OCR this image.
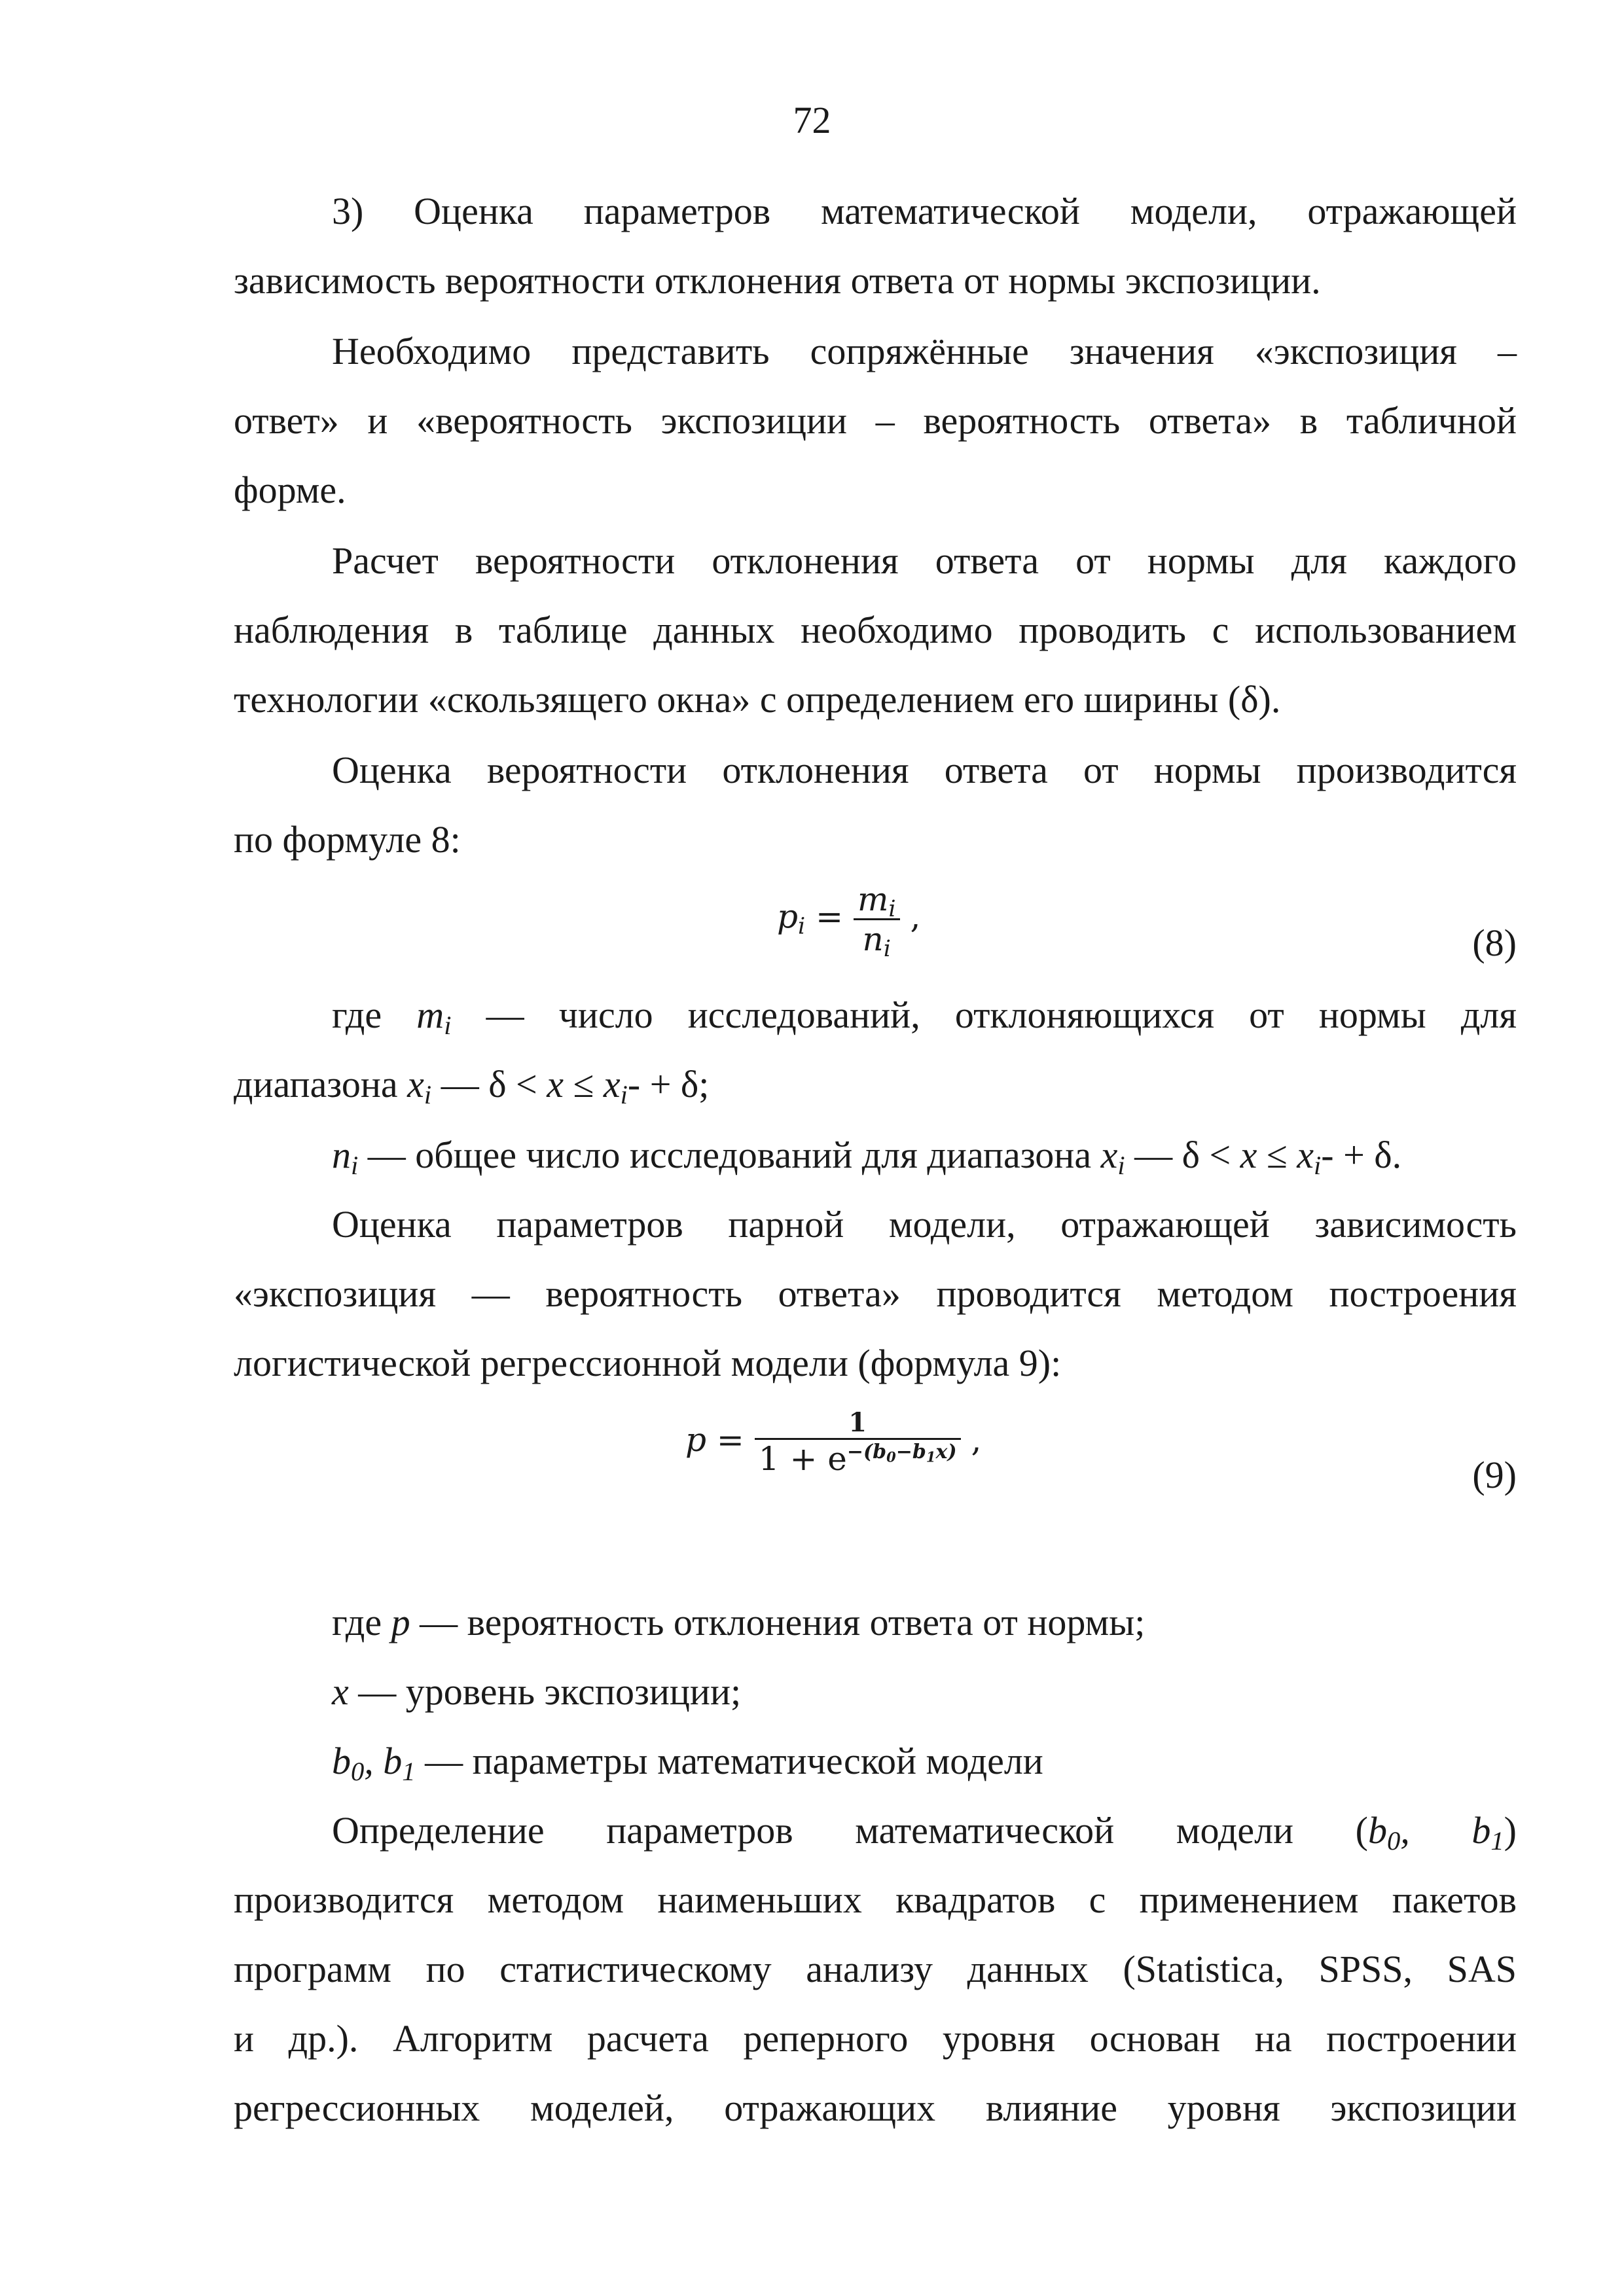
72
3) Оценка параметров математической модели, отражающей
зависимость вероятности отклонения ответа от нормы экспозиции.
Необходимо представить сопряжённые значения «экспозиция –
ответ» и «вероятность экспозиции – вероятность ответа» в табличной
форме.
Расчет вероятности отклонения ответа от нормы для каждого
наблюдения в таблице данных необходимо проводить с использованием
технологии «скользящего окна» с определением его ширины (δ).
Оценка вероятности отклонения ответа от нормы производится
по формуле 8:
$p_i = \frac{m_i}{n_i}$ ,
(8)
где $m_i$ — число исследований, отклоняющихся от нормы для
диапазона $x_i$ — $\delta < x \le x_i- + \delta$;
$n_i$ — общее число исследований для диапазона $x_i$ — $\delta < x \le x_i- + \delta$.
Оценка параметров парной модели, отражающей зависимость
«экспозиция — вероятность ответа» проводится методом построения
логистической регрессионной модели (формула 9):
$p = \frac{1}{1 + e^{-(b_0-b_1x)}}$ ,
(9)
где p — вероятность отклонения ответа от нормы;
x — уровень экспозиции;
$b_0$, $b_1$ — параметры математической модели
Определение параметров математической модели ($b_0$, $b_1$)
производится методом наименьших квадратов с применением пакетов
программ по статистическому анализу данных (Statistica, SPSS, SAS
и др.). Алгоритм расчета реперного уровня основан на построении
регрессионных моделей, отражающих влияние уровня экспозиции
